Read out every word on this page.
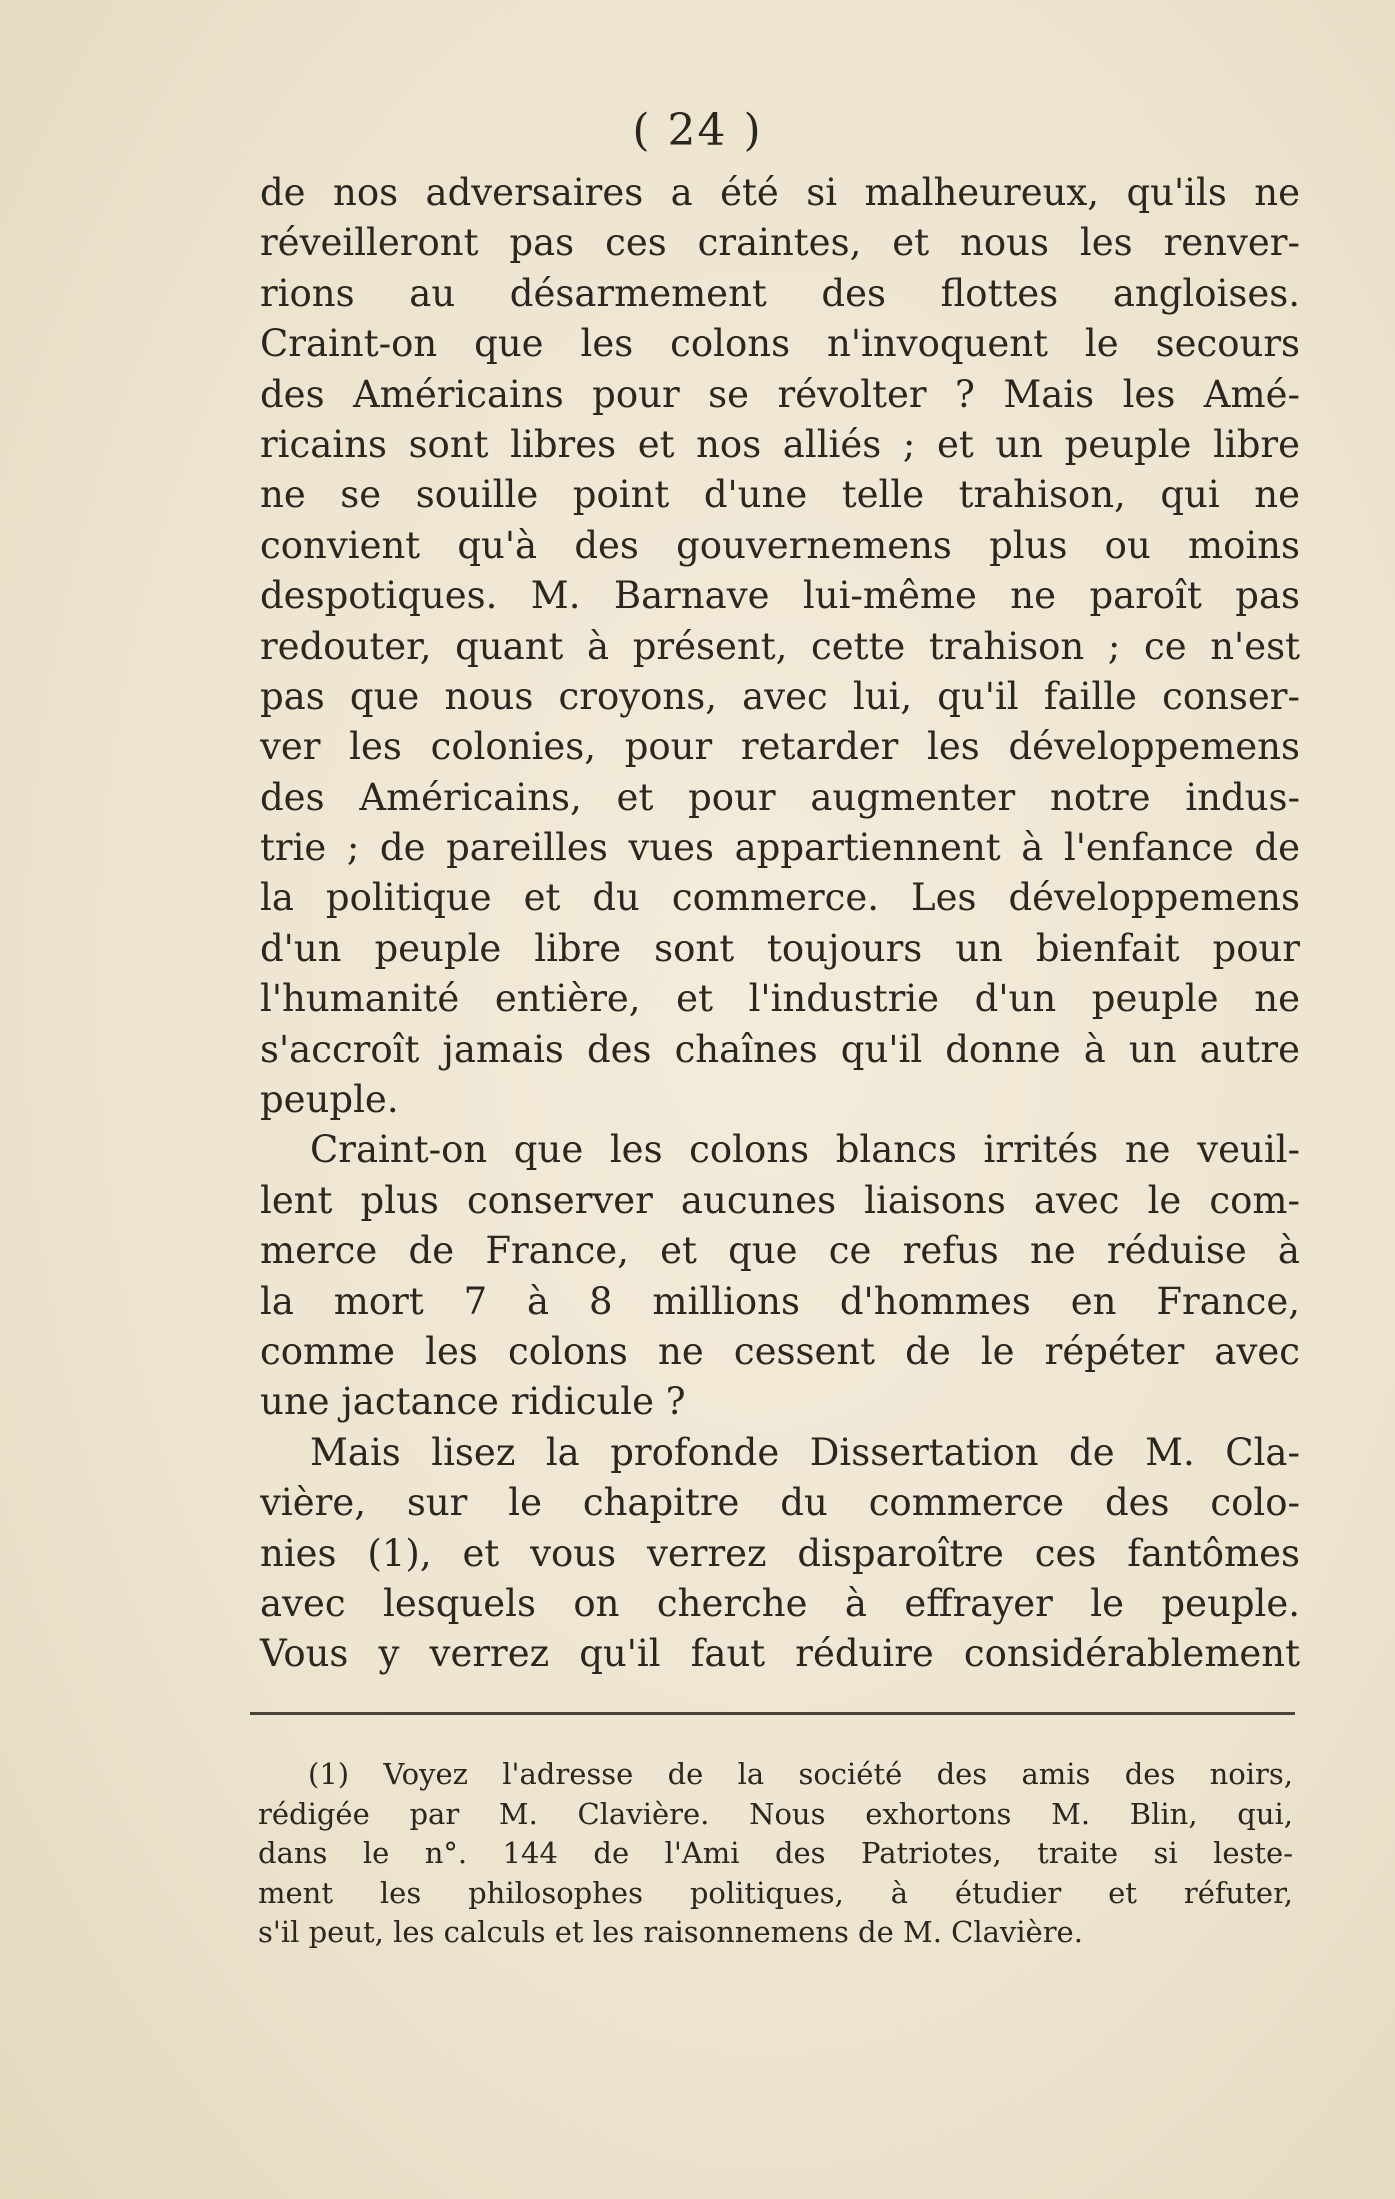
( 24 )
de nos adversaires a été si malheureux, qu'ils ne
réveilleront pas ces craintes, et nous les renver-
rions au désarmement des flottes angloises.
Craint-on que les colons n'invoquent le secours
des Américains pour se révolter ? Mais les Amé-
ricains sont libres et nos alliés ; et un peuple libre
ne se souille point d'une telle trahison, qui ne
convient qu'à des gouvernemens plus ou moins
despotiques. M. Barnave lui-même ne paroît pas
redouter, quant à présent, cette trahison ; ce n'est
pas que nous croyons, avec lui, qu'il faille conser-
ver les colonies, pour retarder les développemens
des Américains, et pour augmenter notre indus-
trie ; de pareilles vues appartiennent à l'enfance de
la politique et du commerce. Les développemens
d'un peuple libre sont toujours un bienfait pour
l'humanité entière, et l'industrie d'un peuple ne
s'accroît jamais des chaînes qu'il donne à un autre
peuple.
Craint-on que les colons blancs irrités ne veuil-
lent plus conserver aucunes liaisons avec le com-
merce de France, et que ce refus ne réduise à
la mort 7 à 8 millions d'hommes en France,
comme les colons ne cessent de le répéter avec
une jactance ridicule ?
Mais lisez la profonde Dissertation de M. Cla-
vière, sur le chapitre du commerce des colo-
nies (1), et vous verrez disparoître ces fantômes
avec lesquels on cherche à effrayer le peuple.
Vous y verrez qu'il faut réduire considérablement
(1) Voyez l'adresse de la société des amis des noirs,
rédigée par M. Clavière. Nous exhortons M. Blin, qui,
dans le n°. 144 de l'Ami des Patriotes, traite si leste-
ment les philosophes politiques, à étudier et réfuter,
s'il peut, les calculs et les raisonnemens de M. Clavière.
